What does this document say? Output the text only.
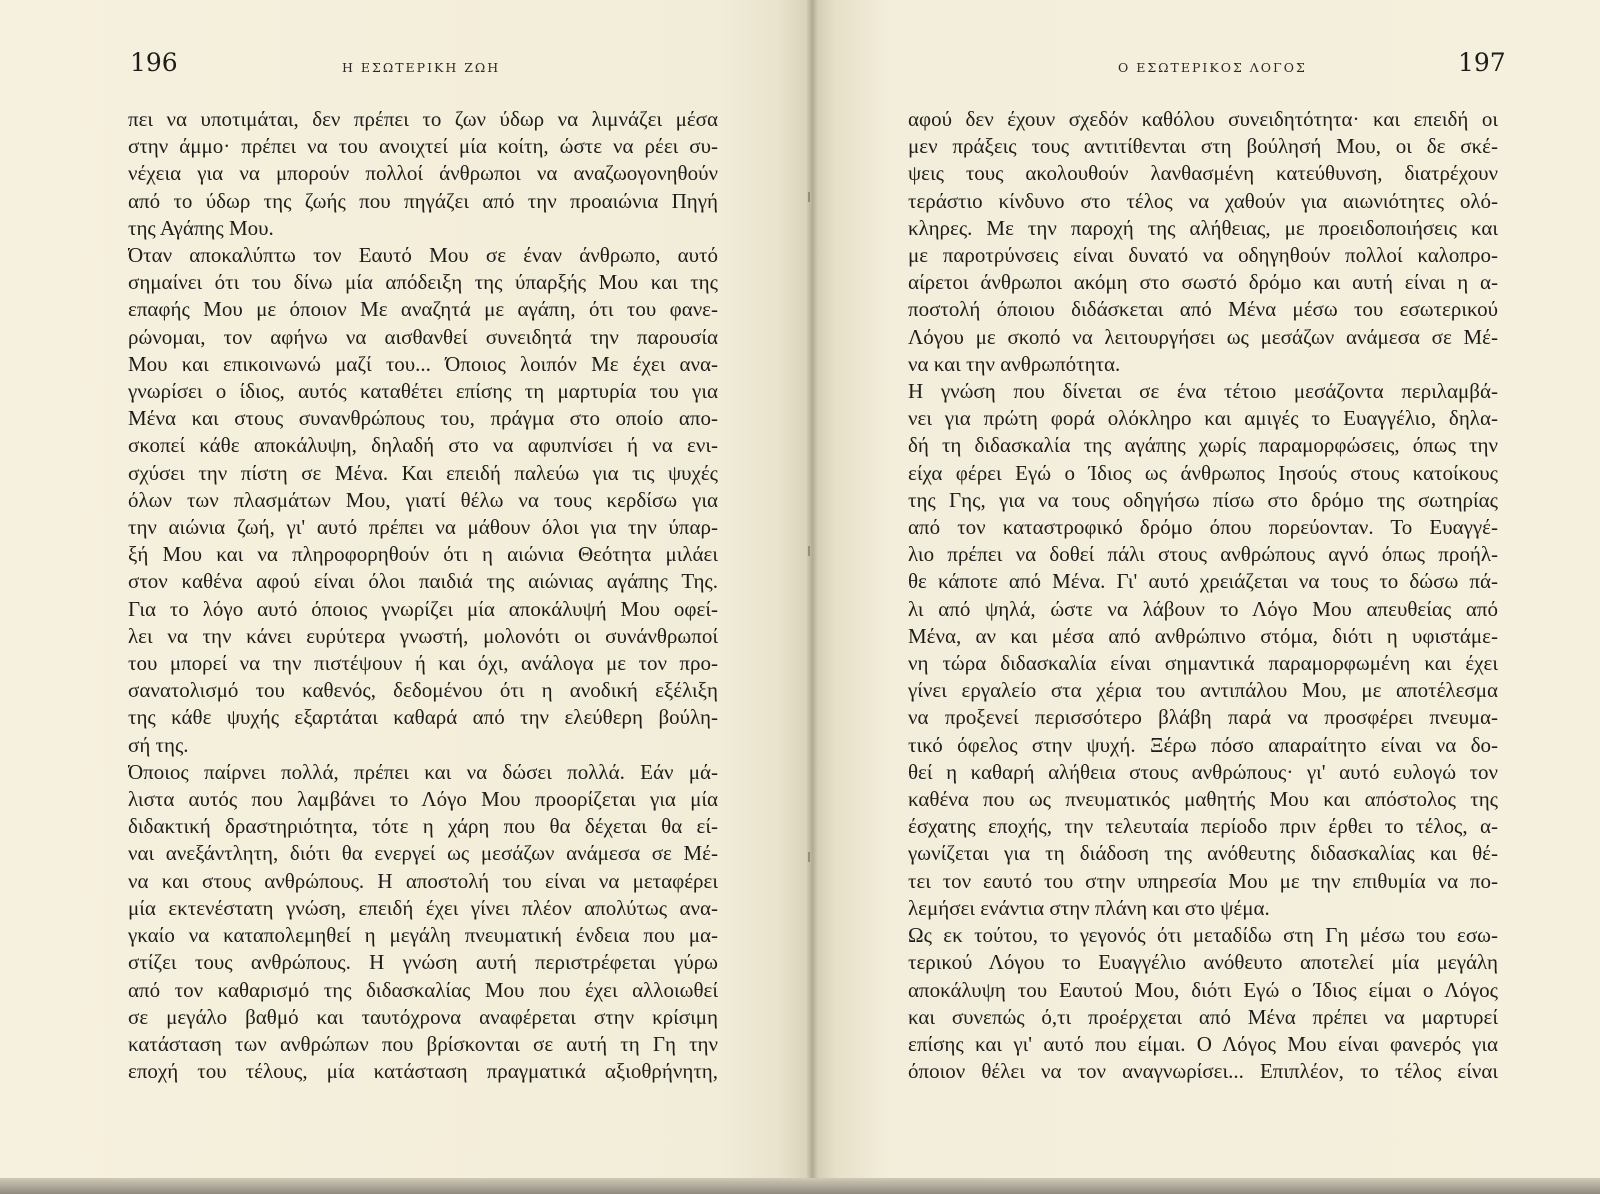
196	Η ΕΣΩΤΕΡΙΚΗ ΖΩΗ
πει να υποτιμάται, δεν πρέπει το ζων ύδωρ να λιμνάζει μέσα
στην άμμο· πρέπει να του ανοιχτεί μία κοίτη, ώστε να ρέει συ-
νέχεια για να μπορούν πολλοί άνθρωποι να αναζωογονηθούν
από το ύδωρ της ζωής που πηγάζει από την προαιώνια Πηγή
της Αγάπης Μου.
Όταν αποκαλύπτω τον Εαυτό Μου σε έναν άνθρωπο, αυτό
σημαίνει ότι του δίνω μία απόδειξη της ύπαρξής Μου και της
επαφής Μου με όποιον Με αναζητά με αγάπη, ότι του φανε-
ρώνομαι, τον αφήνω να αισθανθεί συνειδητά την παρουσία
Μου και επικοινωνώ μαζί του... Όποιος λοιπόν Με έχει ανα-
γνωρίσει ο ίδιος, αυτός καταθέτει επίσης τη μαρτυρία του για
Μένα και στους συνανθρώπους του, πράγμα στο οποίο απο-
σκοπεί κάθε αποκάλυψη, δηλαδή στο να αφυπνίσει ή να ενι-
σχύσει την πίστη σε Μένα. Και επειδή παλεύω για τις ψυχές
όλων των πλασμάτων Μου, γιατί θέλω να τους κερδίσω για
την αιώνια ζωή, γι' αυτό πρέπει να μάθουν όλοι για την ύπαρ-
ξή Μου και να πληροφορηθούν ότι η αιώνια Θεότητα μιλάει
στον καθένα αφού είναι όλοι παιδιά της αιώνιας αγάπης Της.
Για το λόγο αυτό όποιος γνωρίζει μία αποκάλυψή Μου οφεί-
λει να την κάνει ευρύτερα γνωστή, μολονότι οι συνάνθρωποί
του μπορεί να την πιστέψουν ή και όχι, ανάλογα με τον προ-
σανατολισμό του καθενός, δεδομένου ότι η ανοδική εξέλιξη
της κάθε ψυχής εξαρτάται καθαρά από την ελεύθερη βούλη-
σή της.
Όποιος παίρνει πολλά, πρέπει και να δώσει πολλά. Εάν μά-
λιστα αυτός που λαμβάνει το Λόγο Μου προορίζεται για μία
διδακτική δραστηριότητα, τότε η χάρη που θα δέχεται θα εί-
ναι ανεξάντλητη, διότι θα ενεργεί ως μεσάζων ανάμεσα σε Μέ-
να και στους ανθρώπους. Η αποστολή του είναι να μεταφέρει
μία εκτενέστατη γνώση, επειδή έχει γίνει πλέον απολύτως ανα-
γκαίο να καταπολεμηθεί η μεγάλη πνευματική ένδεια που μα-
στίζει τους ανθρώπους. Η γνώση αυτή περιστρέφεται γύρω
από τον καθαρισμό της διδασκαλίας Μου που έχει αλλοιωθεί
σε μεγάλο βαθμό και ταυτόχρονα αναφέρεται στην κρίσιμη
κατάσταση των ανθρώπων που βρίσκονται σε αυτή τη Γη την
εποχή του τέλους, μία κατάσταση πραγματικά αξιοθρήνητη,
197
Ο ΕΣΩΤΕΡΙΚΟΣ ΛΟΓΟΣ
αφού δεν έχουν σχεδόν καθόλου συνειδητότητα· και επειδή οι
μεν πράξεις τους αντιτίθενται στη βούλησή Μου, οι δε σκέ-
ψεις τους ακολουθούν λανθασμένη κατεύθυνση, διατρέχουν
τεράστιο κίνδυνο στο τέλος να χαθούν για αιωνιότητες ολό-
κληρες. Με την παροχή της αλήθειας, με προειδοποιήσεις και
με παροτρύνσεις είναι δυνατό να οδηγηθούν πολλοί καλοπρο-
αίρετοι άνθρωποι ακόμη στο σωστό δρόμο και αυτή είναι η α-
ποστολή όποιου διδάσκεται από Μένα μέσω του εσωτερικού
Λόγου με σκοπό να λειτουργήσει ως μεσάζων ανάμεσα σε Μέ-
να και την ανθρωπότητα.
Η γνώση που δίνεται σε ένα τέτοιο μεσάζοντα περιλαμβά-
νει για πρώτη φορά ολόκληρο και αμιγές το Ευαγγέλιο, δηλα-
δή τη διδασκαλία της αγάπης χωρίς παραμορφώσεις, όπως την
είχα φέρει Εγώ ο Ίδιος ως άνθρωπος Ιησούς στους κατοίκους
της Γης, για να τους οδηγήσω πίσω στο δρόμο της σωτηρίας
από τον καταστροφικό δρόμο όπου πορεύονταν. Το Ευαγγέ-
λιο πρέπει να δοθεί πάλι στους ανθρώπους αγνό όπως προήλ-
θε κάποτε από Μένα. Γι' αυτό χρειάζεται να τους το δώσω πά-
λι από ψηλά, ώστε να λάβουν το Λόγο Μου απευθείας από
Μένα, αν και μέσα από ανθρώπινο στόμα, διότι η υφιστάμε-
νη τώρα διδασκαλία είναι σημαντικά παραμορφωμένη και έχει
γίνει εργαλείο στα χέρια του αντιπάλου Μου, με αποτέλεσμα
να προξενεί περισσότερο βλάβη παρά να προσφέρει πνευμα-
τικό όφελος στην ψυχή. Ξέρω πόσο απαραίτητο είναι να δο-
θεί η καθαρή αλήθεια στους ανθρώπους· γι' αυτό ευλογώ τον
καθένα που ως πνευματικός μαθητής Μου και απόστολος της
έσχατης εποχής, την τελευταία περίοδο πριν έρθει το τέλος, α-
γωνίζεται για τη διάδοση της ανόθευτης διδασκαλίας και θέ-
τει τον εαυτό του στην υπηρεσία Μου με την επιθυμία να πο-
λεμήσει ενάντια στην πλάνη και στο ψέμα.
Ως εκ τούτου, το γεγονός ότι μεταδίδω στη Γη μέσω του εσω-
τερικού Λόγου το Ευαγγέλιο ανόθευτο αποτελεί μία μεγάλη
αποκάλυψη του Εαυτού Μου, διότι Εγώ ο Ίδιος είμαι ο Λόγος
και συνεπώς ό,τι προέρχεται από Μένα πρέπει να μαρτυρεί
επίσης και γι' αυτό που είμαι. Ο Λόγος Μου είναι φανερός για
όποιον θέλει να τον αναγνωρίσει... Επιπλέον, το τέλος είναι
